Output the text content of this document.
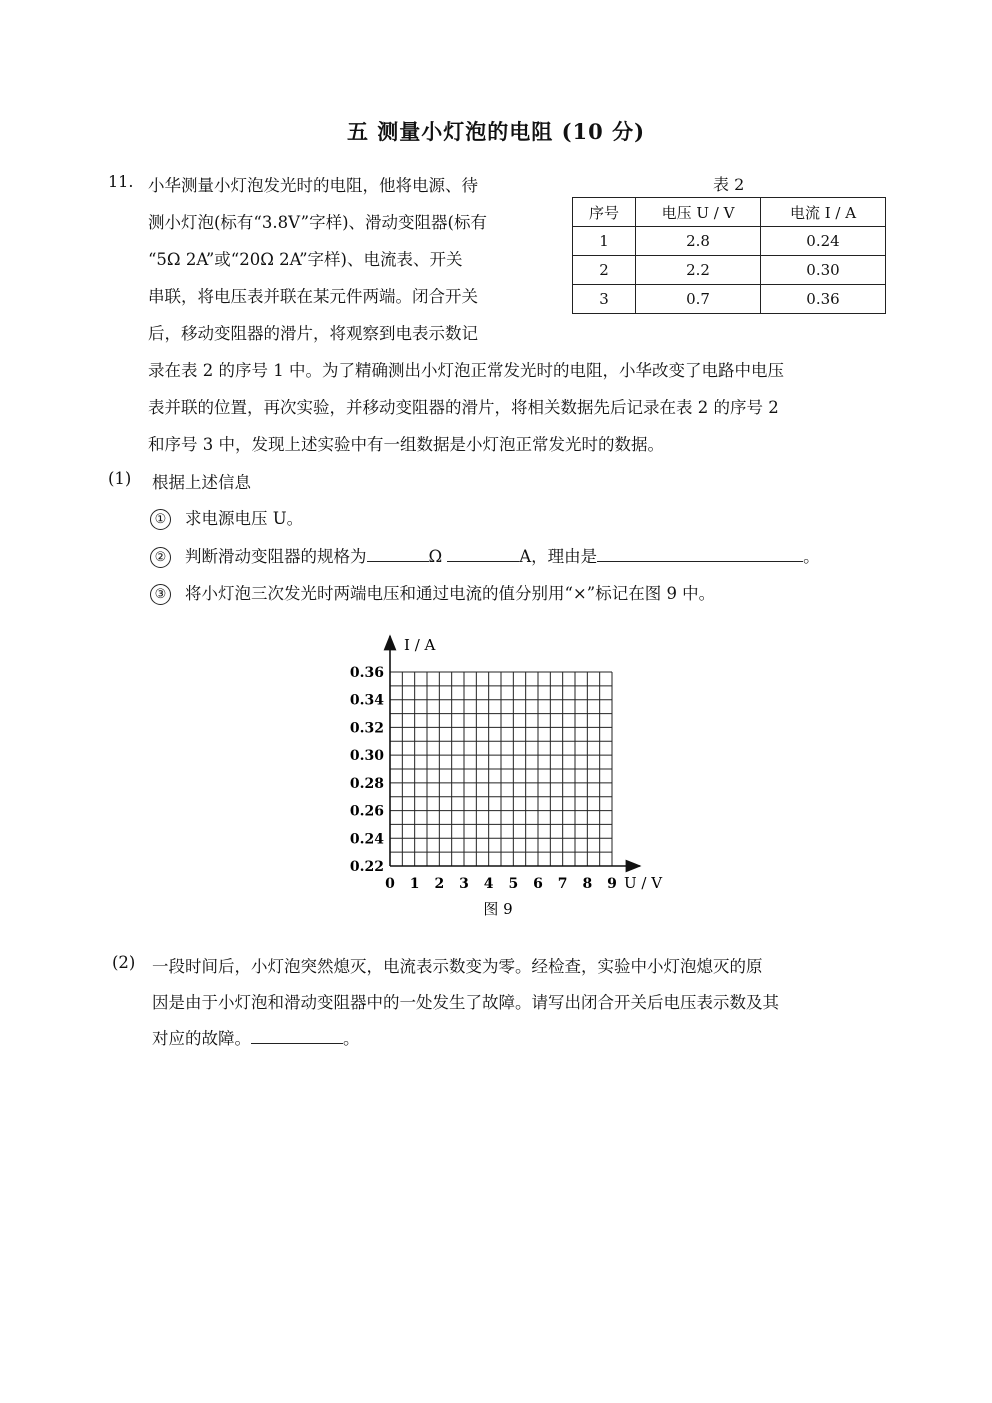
五 测量小灯泡的电阻 (10 分)
11. 小华测量小灯泡发光时的电阻，他将电源、待
测小灯泡(标有“3.8V”字样)、滑动变阻器(标有
“5Ω 2A”或“20Ω 2A”字样)、电流表、开关
串联，将电压表并联在某元件两端。闭合开关
后，移动变阻器的滑片，将观察到电表示数记
录在表 2 的序号 1 中。为了精确测出小灯泡正常发光时的电阻，小华改变了电路中电压
表并联的位置，再次实验，并移动变阻器的滑片，将相关数据先后记录在表 2 的序号 2
和序号 3 中，发现上述实验中有一组数据是小灯泡正常发光时的数据。
表 2
序号	电压 U / V	电流 I / A
1	2.8	0.24
2	2.2	0.30
3	0.7	0.36
(1) 根据上述信息
① 求电源电压 U。
② 判断滑动变阻器的规格为	Ω	A，理由是	。
③ 将小灯泡三次发光时两端电压和通过电流的值分别用“×”标记在图 9 中。
0.22
0.24
0.26
0.28
0.30
0.32
0.34
0.36
0 1 2 3 4 5 6 7 8 9
I / A
U / V
图 9
(2) 一段时间后，小灯泡突然熄灭，电流表示数变为零。经检查，实验中小灯泡熄灭的原
因是由于小灯泡和滑动变阻器中的一处发生了故障。请写出闭合开关后电压表示数及其
对应的故障。	。
